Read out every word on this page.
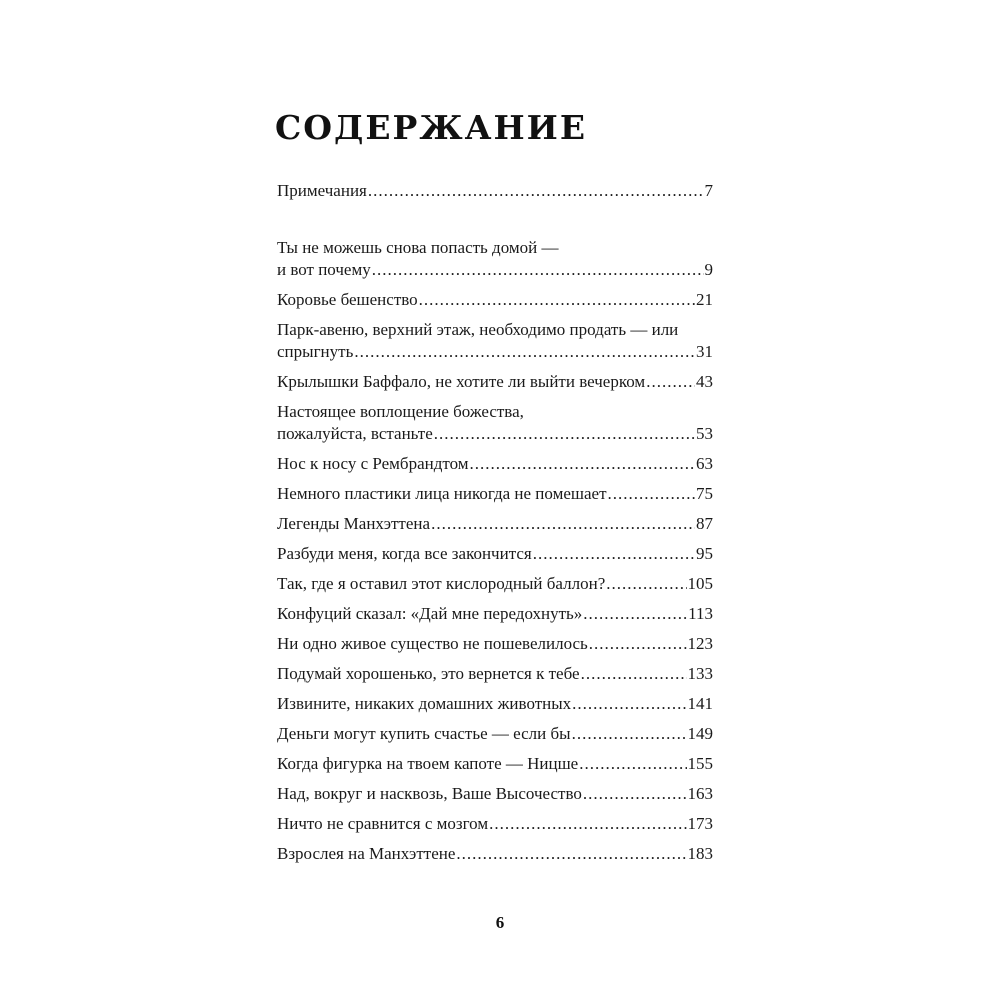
СОДЕРЖАНИЕ
Примечания .....	7
Ты не можешь снова попасть домой —
и вот почему .....	9
Коровье бешенство .....	21
Парк-авеню, верхний этаж, необходимо продать — или
спрыгнуть .....	31
Крылышки Баффало, не хотите ли выйти вечерком .....	43
Настоящее воплощение божества,
пожалуйста, встаньте .....	53
Нос к носу с Рембрандтом .....	63
Немного пластики лица никогда не помешает .....	75
Легенды Манхэттена .....	87
Разбуди меня, когда все закончится .....	95
Так, где я оставил этот кислородный баллон? .....	105
Конфуций сказал: «Дай мне передохнуть» .....	113
Ни одно живое существо не пошевелилось .....	123
Подумай хорошенько, это вернется к тебе .....	133
Извините, никаких домашних животных .....	141
Деньги могут купить счастье — если бы .....	149
Когда фигурка на твоем капоте — Ницше .....	155
Над, вокруг и насквозь, Ваше Высочество .....	163
Ничто не сравнится с мозгом .....	173
Взрослея на Манхэттене .....	183
6
